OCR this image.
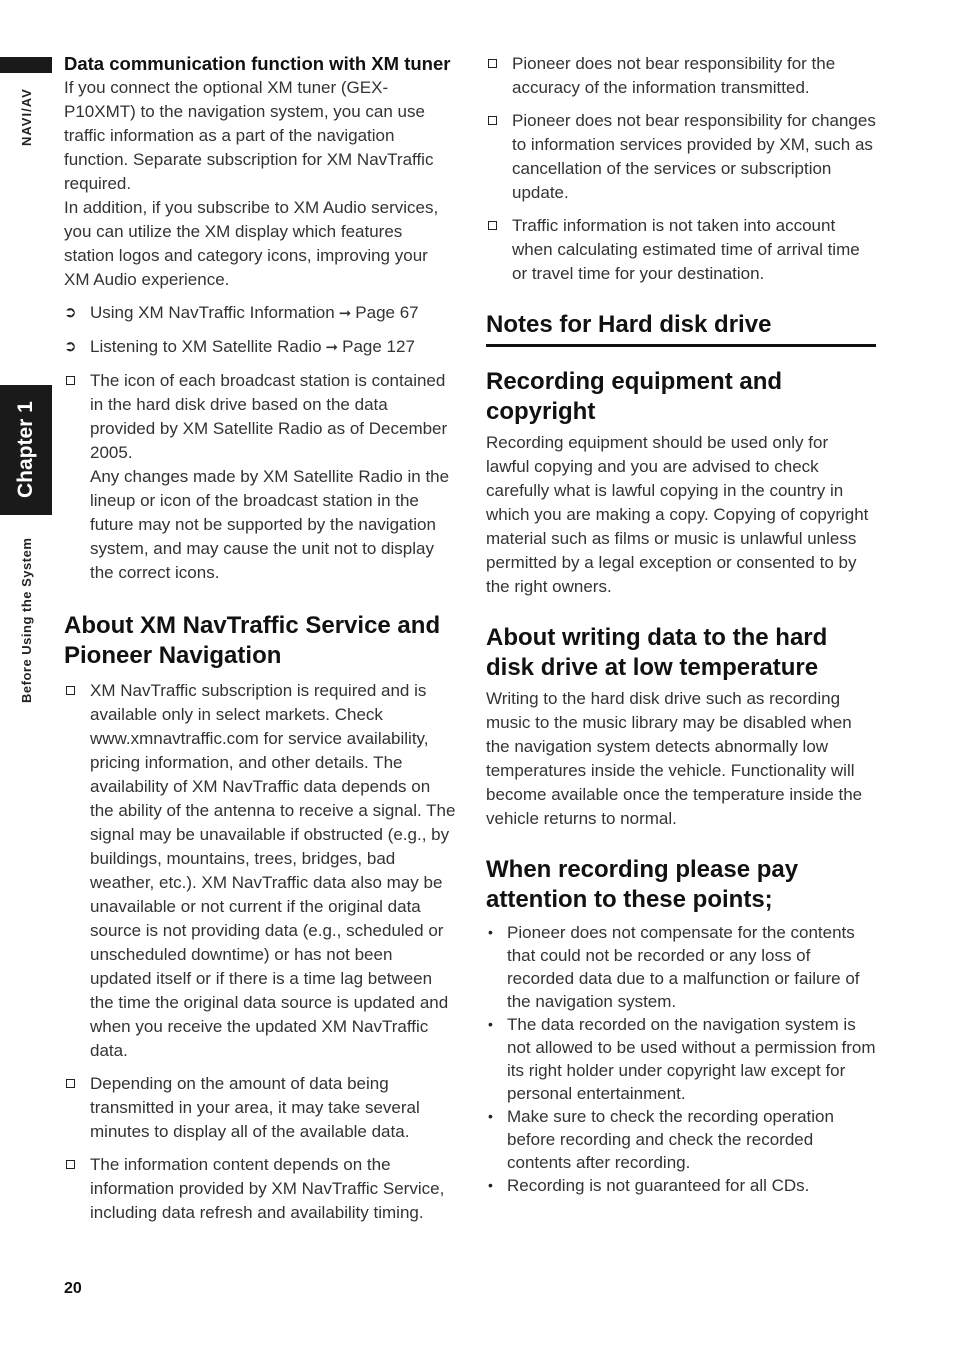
NAVI/AV
Chapter 1
Before Using the System
Data communication function with XM tuner

If you connect the optional XM tuner (GEX-P10XMT) to the navigation system, you can use traffic information as a part of the navigation function. Separate subscription for XM NavTraffic required.

In addition, if you subscribe to XM Audio services, you can utilize the XM display which features station logos and category icons, improving your XM Audio experience.

➲ Using XM NavTraffic Information ➞ Page 67
➲ Listening to XM Satellite Radio ➞ Page 127

The icon of each broadcast station is contained in the hard disk drive based on the data provided by XM Satellite Radio as of December 2005.

Any changes made by XM Satellite Radio in the lineup or icon of the broadcast station in the future may not be supported by the navigation system, and may cause the unit not to display the correct icons.

About XM NavTraffic Service and Pioneer Navigation
XM NavTraffic subscription is required and is available only in select markets. Check www.xmnavtraffic.com for service availability, pricing information, and other details. The availability of XM NavTraffic data depends on the ability of the antenna to receive a signal. The signal may be unavailable if obstructed (e.g., by buildings, mountains, trees, bridges, bad weather, etc.). XM NavTraffic data also may be unavailable or not current if the original data source is not providing data (e.g., scheduled or unscheduled downtime) or has not been updated itself or if there is a time lag between the time the original data source is updated and when you receive the updated XM NavTraffic data.
Depending on the amount of data being transmitted in your area, it may take several minutes to display all of the available data.
The information content depends on the information provided by XM NavTraffic Service, including data refresh and availability timing.
Pioneer does not bear responsibility for the accuracy of the information transmitted.
Pioneer does not bear responsibility for changes to information services provided by XM, such as cancellation of the services or subscription update.
Traffic information is not taken into account when calculating estimated time of arrival time or travel time for your destination.
Notes for Hard disk drive
Recording equipment and copyright

Recording equipment should be used only for lawful copying and you are advised to check carefully what is lawful copying in the country in which you are making a copy. Copying of copyright material such as films or music is unlawful unless permitted by a legal exception or consented to by the right owners.

About writing data to the hard disk drive at low temperature

Writing to the hard disk drive such as recording music to the music library may be disabled when the navigation system detects abnormally low temperatures inside the vehicle. Functionality will become available once the temperature inside the vehicle returns to normal.

When recording please pay attention to these points;
• Pioneer does not compensate for the contents that could not be recorded or any loss of recorded data due to a malfunction or failure of the navigation system.
• The data recorded on the navigation system is not allowed to be used without a permission from its right holder under copyright law except for personal entertainment.
• Make sure to check the recording operation before recording and check the recorded contents after recording.
• Recording is not guaranteed for all CDs.
20
